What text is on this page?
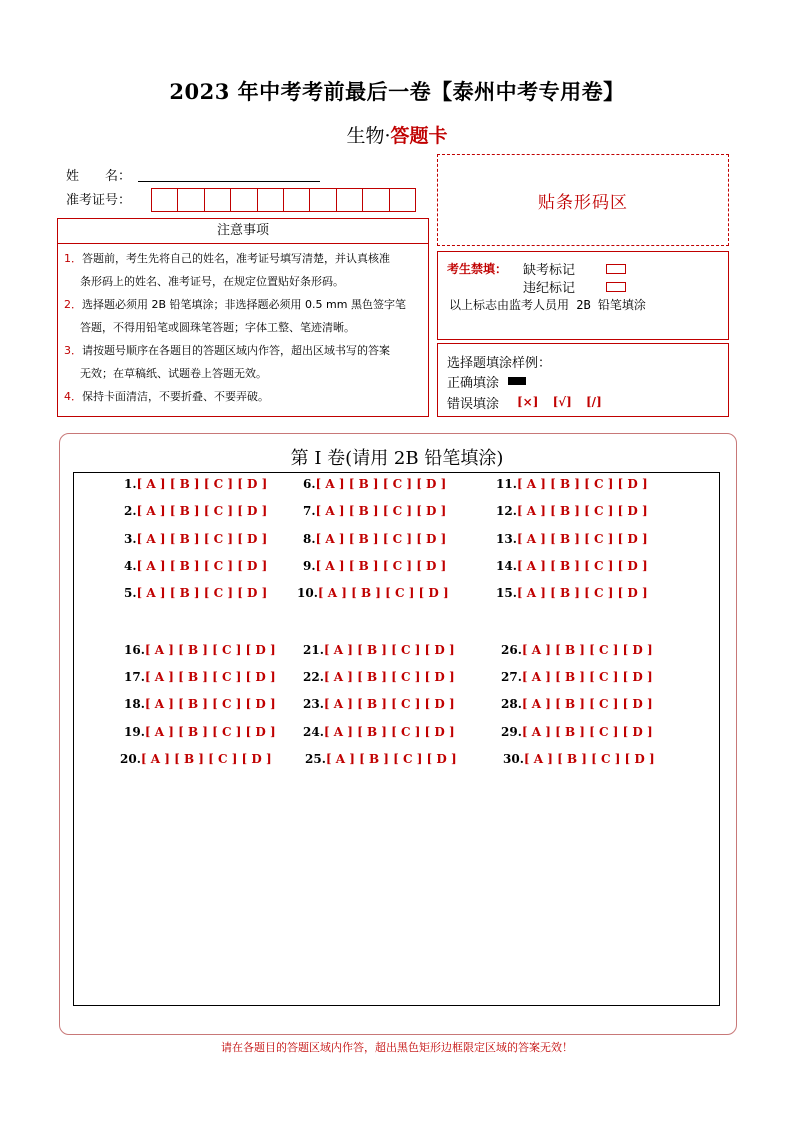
2023 年中考考前最后一卷【泰州中考专用卷】
生物·答题卡
姓　　名：
准考证号：	贴条形码区
注意事项
1．答题前，考生先将自己的姓名，准考证号填写清楚，并认真核准
条形码上的姓名、准考证号，在规定位置贴好条形码。
2．选择题必须用 2B 铅笔填涂；非选择题必须用 0.5 mm 黑色签字笔
答题，不得用铅笔或圆珠笔答题；字体工整、笔迹清晰。
3．请按题号顺序在各题目的答题区域内作答，超出区域书写的答案
无效；在草稿纸、试题卷上答题无效。
4．保持卡面清洁，不要折叠、不要弄破。
考生禁填： 缺考标记
违纪标记
以上标志由监考人员用 2B 铅笔填涂
选择题填涂样例：
正确填涂
错误填涂 [×] [√] [/]
第 I 卷(请用 2B 铅笔填涂)
1.[ A ] [ B ] [ C ] [ D ]
2.[ A ] [ B ] [ C ] [ D ]
3.[ A ] [ B ] [ C ] [ D ]
4.[ A ] [ B ] [ C ] [ D ]
5.[ A ] [ B ] [ C ] [ D ]
6.[ A ] [ B ] [ C ] [ D ]
7.[ A ] [ B ] [ C ] [ D ]
8.[ A ] [ B ] [ C ] [ D ]
9.[ A ] [ B ] [ C ] [ D ]
10.[ A ] [ B ] [ C ] [ D ]
11.[ A ] [ B ] [ C ] [ D ]
12.[ A ] [ B ] [ C ] [ D ]
13.[ A ] [ B ] [ C ] [ D ]
14.[ A ] [ B ] [ C ] [ D ]
15.[ A ] [ B ] [ C ] [ D ]
16.[ A ] [ B ] [ C ] [ D ]
17.[ A ] [ B ] [ C ] [ D ]
18.[ A ] [ B ] [ C ] [ D ]
19.[ A ] [ B ] [ C ] [ D ]
20.[ A ] [ B ] [ C ] [ D ]
21.[ A ] [ B ] [ C ] [ D ]
22.[ A ] [ B ] [ C ] [ D ]
23.[ A ] [ B ] [ C ] [ D ]
24.[ A ] [ B ] [ C ] [ D ]
25.[ A ] [ B ] [ C ] [ D ]
26.[ A ] [ B ] [ C ] [ D ]
27.[ A ] [ B ] [ C ] [ D ]
28.[ A ] [ B ] [ C ] [ D ]
29.[ A ] [ B ] [ C ] [ D ]
30.[ A ] [ B ] [ C ] [ D ]
请在各题目的答题区域内作答，超出黑色矩形边框限定区域的答案无效！
